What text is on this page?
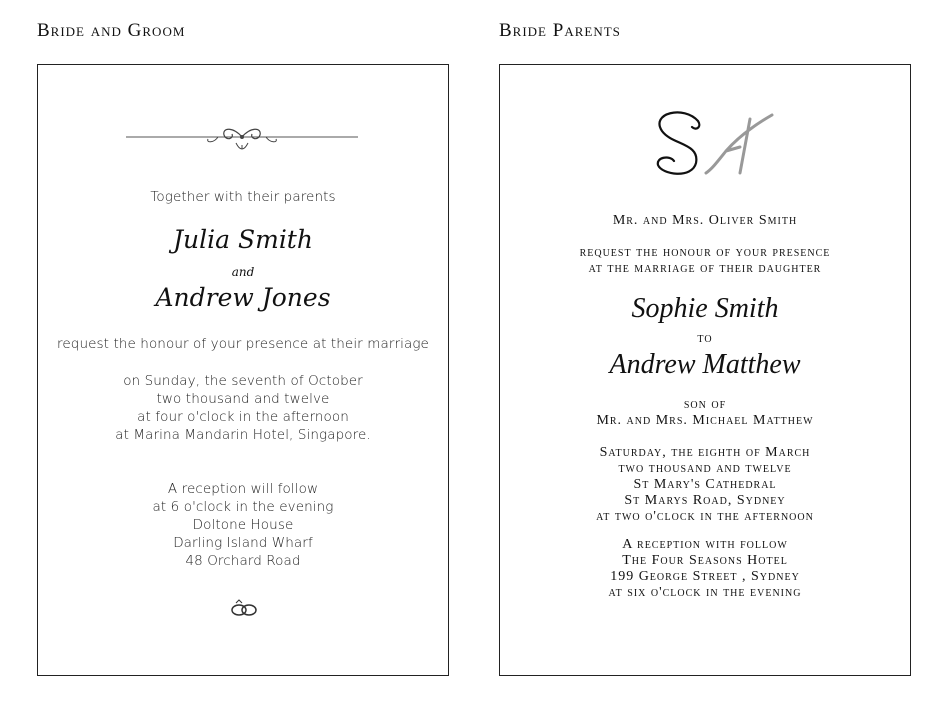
Bride and Groom	Bride Parents
Together with their parents
Julia Smith
and
Andrew Jones
request the honour of your presence at their marriage
on Sunday, the seventh of October
two thousand and twelve
at four o'clock in the afternoon
at Marina Mandarin Hotel, Singapore.
A reception will follow
at 6 o'clock in the evening
Doltone House
Darling Island Wharf
48 Orchard Road
Mr. and Mrs. Oliver Smith
request the honour of your presence
at the marriage of their daughter
Sophie Smith
to
Andrew Matthew
son of
Mr. and Mrs. Michael Matthew
Saturday, the eighth of March
two thousand and twelve
St Mary's Cathedral
St Marys Road, Sydney
at two o'clock in the afternoon
A reception with follow
The Four Seasons Hotel
199 George Street , Sydney
at six o'clock in the evening
